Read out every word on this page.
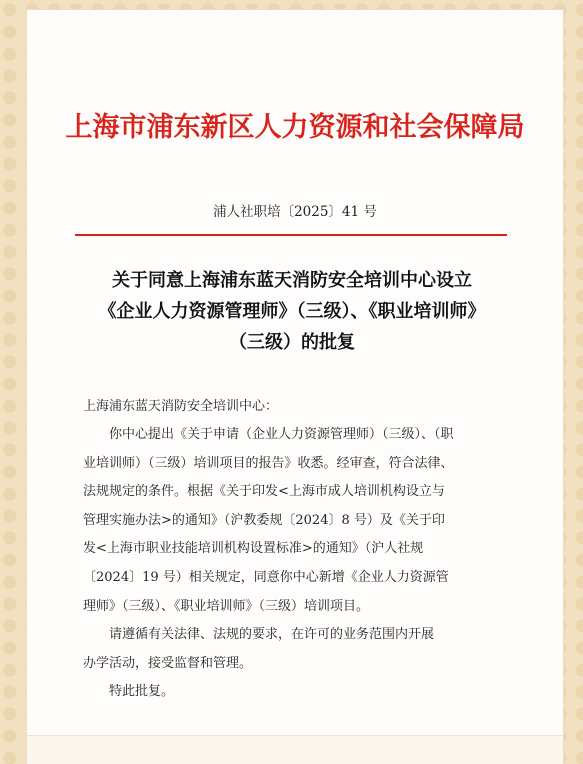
上海市浦东新区人力资源和社会保障局
浦人社职培〔2025〕41 号
关于同意上海浦东蓝天消防安全培训中心设立
《企业人力资源管理师》（三级）、《职业培训师》
（三级）的批复
上海浦东蓝天消防安全培训中心：
你中心提出《关于申请（企业人力资源管理师）（三级）、（职
业培训师）（三级）培训项目的报告》收悉。经审查，符合法律、
法规规定的条件。根据《关于印发<上海市成人培训机构设立与
管理实施办法>的通知》（沪教委规〔2024〕8 号）及《关于印
发<上海市职业技能培训机构设置标准>的通知》（沪人社规
〔2024〕19 号）相关规定，同意你中心新增《企业人力资源管
理师》（三级）、《职业培训师》（三级）培训项目。
请遵循有关法律、法规的要求，在许可的业务范围内开展
办学活动，接受监督和管理。
特此批复。
